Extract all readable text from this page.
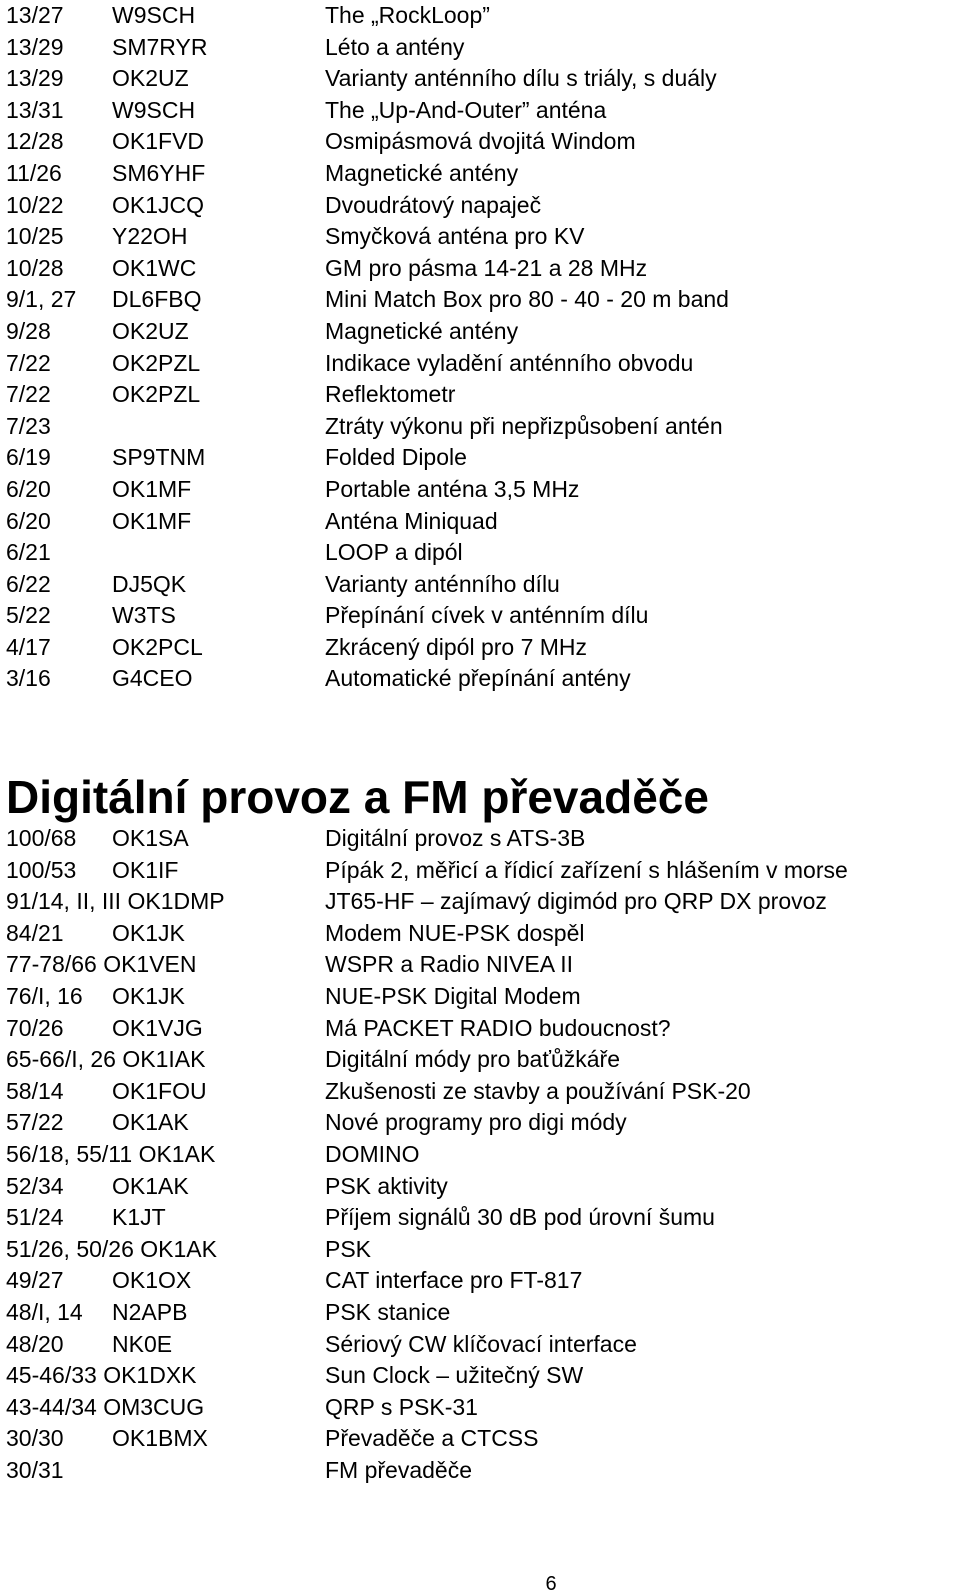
13/27 W9SCH	The „RockLoop”
13/29 SM7RYR	Léto a antény
13/29 OK2UZ	Varianty anténního dílu s triály, s duály
13/31 W9SCH	The „Up-And-Outer” anténa
12/28 OK1FVD	Osmipásmová dvojitá Windom
11/26 SM6YHF	Magnetické antény
10/22 OK1JCQ	Dvoudrátový napaječ
10/25 Y22OH	Smyčková anténa pro KV
10/28 OK1WC	GM pro pásma 14-21 a 28 MHz
9/1, 27 DL6FBQ	Mini Match Box pro 80 - 40 - 20 m band
9/28	OK2UZ	Magnetické antény
7/22	OK2PZL	Indikace vyladění anténního obvodu
7/22	OK2PZL	Reflektometr
7/23	Ztráty výkonu při nepřizpůsobení antén
6/19	SP9TNM	Folded Dipole
6/20	OK1MF	Portable anténa 3,5 MHz
6/20	OK1MF	Anténa Miniquad
6/21	LOOP a dipól
6/22	DJ5QK	Varianty anténního dílu
5/22	W3TS	Přepínání cívek v anténním dílu
4/17	OK2PCL	Zkrácený dipól pro 7 MHz
3/16	G4CEO	Automatické přepínání antény
Digitální provoz a FM převaděče
100/68 OK1SA	Digitální provoz s ATS-3B
100/53 OK1IF	Pípák 2, měřicí a řídicí zařízení s hlášením v morse
91/14, II, III OK1DMP	JT65-HF – zajímavý digimód pro QRP DX provoz
84/21 OK1JK	Modem NUE-PSK dospěl
77-78/66 OK1VEN	WSPR a Radio NIVEA II
76/I, 16 OK1JK	NUE-PSK Digital Modem
70/26 OK1VJG	Má PACKET RADIO budoucnost?
65-66/I, 26 OK1IAK	Digitální módy pro baťůžkáře
58/14 OK1FOU	Zkušenosti ze stavby a používání PSK-20
57/22 OK1AK	Nové programy pro digi módy
56/18, 55/11 OK1AK	DOMINO
52/34 OK1AK	PSK aktivity
51/24 K1JT	Příjem signálů 30 dB pod úrovní šumu
51/26, 50/26 OK1AK	PSK
49/27 OK1OX	CAT interface pro FT-817
48/I, 14 N2APB	PSK stanice
48/20 NK0E	Sériový CW klíčovací interface
45-46/33 OK1DXK	Sun Clock – užitečný SW
43-44/34 OM3CUG	QRP s PSK-31
30/30 OK1BMX	Převaděče a CTCSS
30/31	FM převaděče
6
